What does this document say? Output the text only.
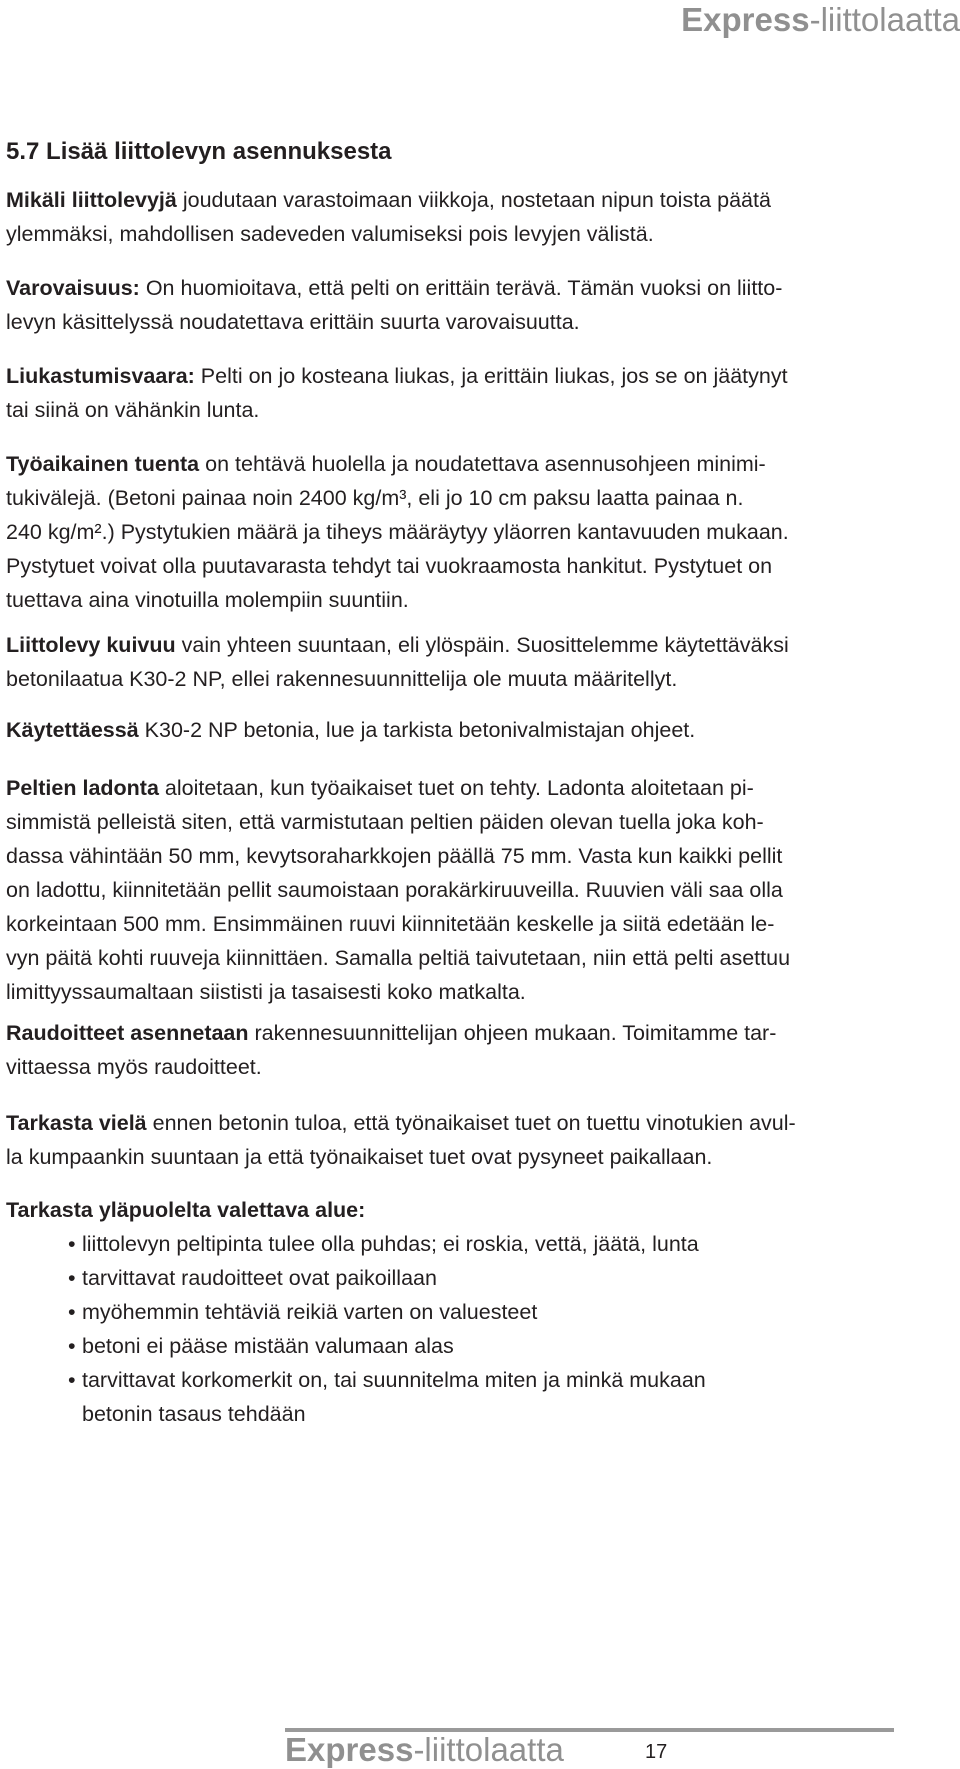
Express-liittolaatta
5.7 Lisää liittolevyn asennuksesta

Mikäli liittolevyjä joudutaan varastoimaan viikkoja, nostetaan nipun toista päätä
ylemmäksi, mahdollisen sadeveden valumiseksi pois levyjen välistä.

Varovaisuus: On huomioitava, että pelti on erittäin terävä. Tämän vuoksi on liitto-
levyn käsittelyssä noudatettava erittäin suurta varovaisuutta.

Liukastumisvaara: Pelti on jo kosteana liukas, ja erittäin liukas, jos se on jäätynyt
tai siinä on vähänkin lunta.

Työaikainen tuenta on tehtävä huolella ja noudatettava asennusohjeen minimi-
tukivälejä. (Betoni painaa noin 2400 kg/m³, eli jo 10 cm paksu laatta painaa n.
240 kg/m².) Pystytukien määrä ja tiheys määräytyy yläorren kantavuuden mukaan.
Pystytuet voivat olla puutavarasta tehdyt tai vuokraamosta hankitut. Pystytuet on
tuettava aina vinotuilla molempiin suuntiin.

Liittolevy kuivuu vain yhteen suuntaan, eli ylöspäin. Suosittelemme käytettäväksi
betonilaatua K30-2 NP, ellei rakennesuunnittelija ole muuta määritellyt.

Käytettäessä K30-2 NP betonia, lue ja tarkista betonivalmistajan ohjeet.

Peltien ladonta aloitetaan, kun työaikaiset tuet on tehty. Ladonta aloitetaan pi-
simmistä pelleistä siten, että varmistutaan peltien päiden olevan tuella joka koh-
dassa vähintään 50 mm, kevytsoraharkkojen päällä 75 mm. Vasta kun kaikki pellit
on ladottu, kiinnitetään pellit saumoistaan porakärkiruuveilla. Ruuvien väli saa olla
korkeintaan 500 mm. Ensimmäinen ruuvi kiinnitetään keskelle ja siitä edetään le-
vyn päitä kohti ruuveja kiinnittäen. Samalla peltiä taivutetaan, niin että pelti asettuu
limittyyssaumaltaan siististi ja tasaisesti koko matkalta.

Raudoitteet asennetaan rakennesuunnittelijan ohjeen mukaan. Toimitamme tar-
vittaessa myös raudoitteet.

Tarkasta vielä ennen betonin tuloa, että työnaikaiset tuet on tuettu vinotukien avul-
la kumpaankin suuntaan ja että työnaikaiset tuet ovat pysyneet paikallaan.

Tarkasta yläpuolelta valettava alue:

• liittolevyn peltipinta tulee olla puhdas; ei roskia, vettä, jäätä, lunta
• tarvittavat raudoitteet ovat paikoillaan
• myöhemmin tehtäviä reikiä varten on valuesteet
• betoni ei pääse mistään valumaan alas
• tarvittavat korkomerkit on, tai suunnitelma miten ja minkä mukaan
betonin tasaus tehdään
Express-liittolaatta	17
